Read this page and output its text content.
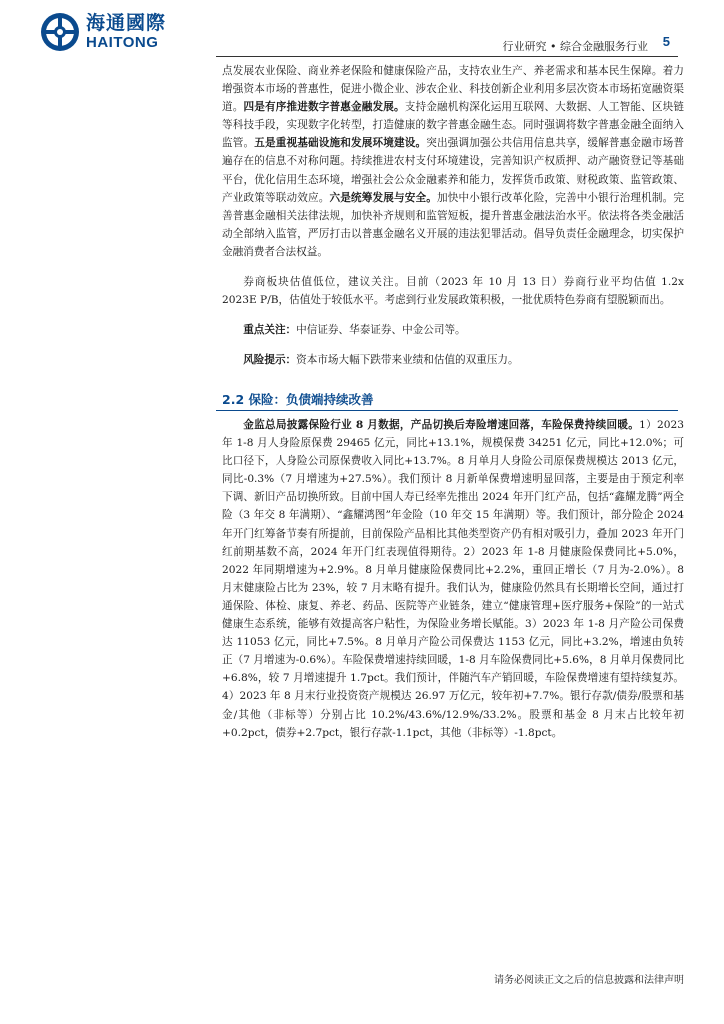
海通國際
HAITONG	行业研究 • 综合金融服务行业 5

点发展农业保险、商业养老保险和健康保险产品，支持农业生产、养老需求和基本民生保障。着力增强资本市场的普惠性，促进小微企业、涉农企业、科技创新企业利用多层次资本市场拓宽融资渠道。四是有序推进数字普惠金融发展。支持金融机构深化运用互联网、大数据、人工智能、区块链等科技手段，实现数字化转型，打造健康的数字普惠金融生态。同时强调将数字普惠金融全面纳入监管。五是重视基础设施和发展环境建设。突出强调加强公共信用信息共享，缓解普惠金融市场普遍存在的信息不对称问题。持续推进农村支付环境建设，完善知识产权质押、动产融资登记等基础平台，优化信用生态环境，增强社会公众金融素养和能力，发挥货币政策、财税政策、监管政策、产业政策等联动效应。六是统筹发展与安全。加快中小银行改革化险，完善中小银行治理机制。完善普惠金融相关法律法规，加快补齐规则和监管短板，提升普惠金融法治水平。依法将各类金融活动全部纳入监管，严厉打击以普惠金融名义开展的违法犯罪活动。倡导负责任金融理念，切实保护金融消费者合法权益。

券商板块估值低位，建议关注。目前（2023 年 10 月 13 日）券商行业平均估值 1.2x 2023E P/B，估值处于较低水平。考虑到行业发展政策积极，一批优质特色券商有望脱颖而出。

重点关注：中信证券、华泰证券、中金公司等。

风险提示：资本市场大幅下跌带来业绩和估值的双重压力。

2.2 保险：负债端持续改善

金监总局披露保险行业 8 月数据，产品切换后寿险增速回落，车险保费持续回暖。1）2023 年 1-8 月人身险原保费 29465 亿元，同比+13.1%，规模保费 34251 亿元，同比+12.0%；可比口径下，人身险公司原保费收入同比+13.7%。8 月单月人身险公司原保费规模达 2013 亿元，同比-0.3%（7 月增速为+27.5%）。我们预计 8 月新单保费增速明显回落，主要是由于预定利率下调、新旧产品切换所致。目前中国人寿已经率先推出 2024 年开门红产品，包括“鑫耀龙腾”两全险（3 年交 8 年满期）、“鑫耀鸿图”年金险（10 年交 15 年满期）等。我们预计，部分险企 2024 年开门红筹备节奏有所提前，目前保险产品相比其他类型资产仍有相对吸引力，叠加 2023 年开门红前期基数不高，2024 年开门红表现值得期待。2）2023 年 1-8 月健康险保费同比+5.0%，2022 年同期增速为+2.9%。8 月单月健康险保费同比+2.2%，重回正增长（7 月为-2.0%）。8 月末健康险占比为 23%，较 7 月末略有提升。我们认为，健康险仍然具有长期增长空间，通过打通保险、体检、康复、养老、药品、医院等产业链条，建立“健康管理+医疗服务+保险”的一站式健康生态系统，能够有效提高客户粘性，为保险业务增长赋能。3）2023 年 1-8 月产险公司保费达 11053 亿元，同比+7.5%。8 月单月产险公司保费达 1153 亿元，同比+3.2%，增速由负转正（7 月增速为-0.6%）。车险保费增速持续回暖，1-8 月车险保费同比+5.6%，8 月单月保费同比+6.8%，较 7 月增速提升 1.7pct。我们预计，伴随汽车产销回暖，车险保费增速有望持续复苏。4）2023 年 8 月末行业投资资产规模达 26.97 万亿元，较年初+7.7%。银行存款/债券/股票和基金/其他（非标等）分别占比 10.2%/43.6%/12.9%/33.2%。股票和基金 8 月末占比较年初+0.2pct，债券+2.7pct，银行存款-1.1pct，其他（非标等）-1.8pct。

请务必阅读正文之后的信息披露和法律声明
